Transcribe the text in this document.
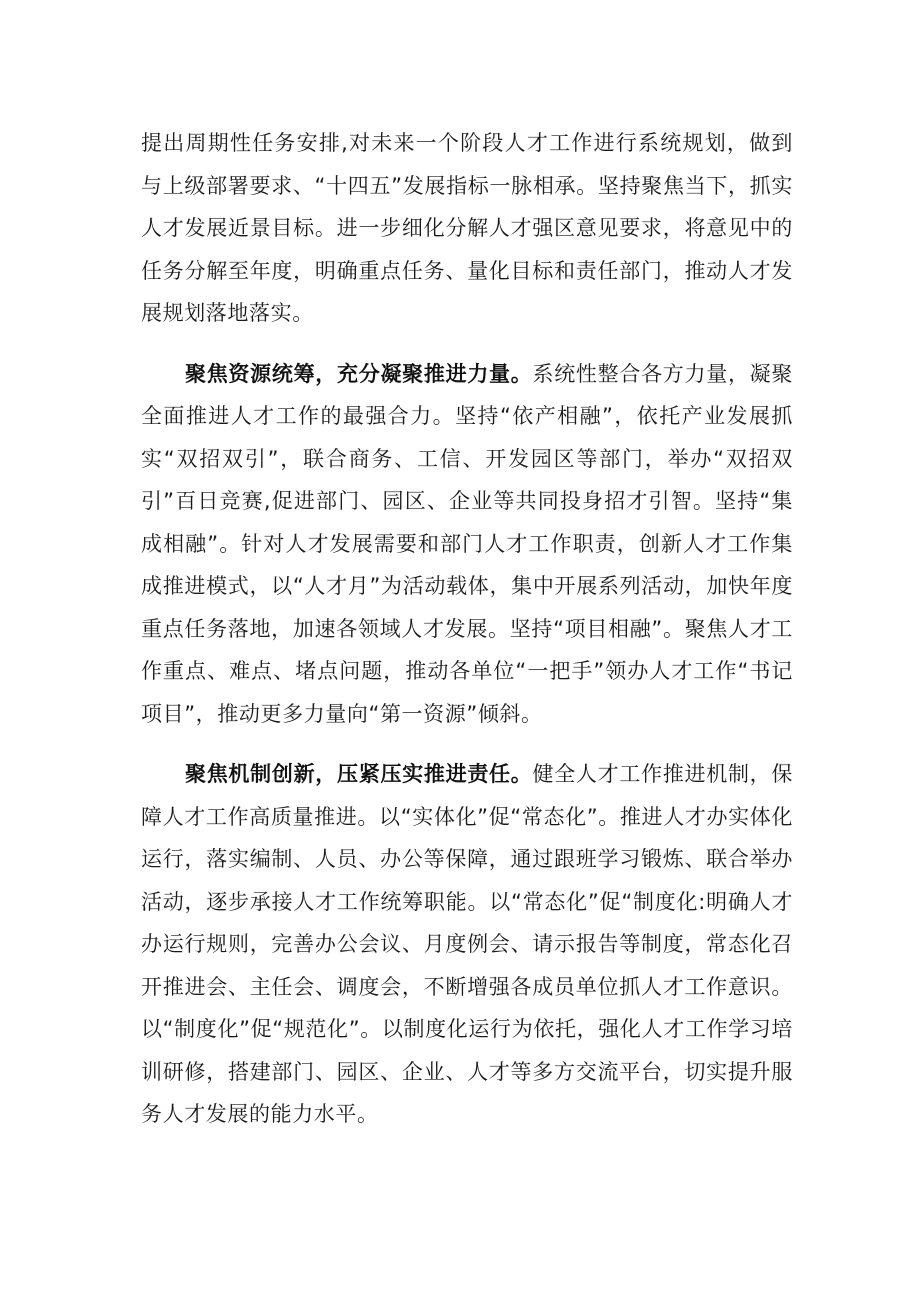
提出周期性任务安排,对未来一个阶段人才工作进行系统规划，做到与上级部署要求、“十四五”发展指标一脉相承。坚持聚焦当下，抓实人才发展近景目标。进一步细化分解人才强区意见要求，将意见中的任务分解至年度，明确重点任务、量化目标和责任部门，推动人才发展规划落地落实。

聚焦资源统筹，充分凝聚推进力量。系统性整合各方力量，凝聚全面推进人才工作的最强合力。坚持“依产相融”，依托产业发展抓实“双招双引”，联合商务、工信、开发园区等部门，举办“双招双引”百日竞赛,促进部门、园区、企业等共同投身招才引智。坚持“集成相融”。针对人才发展需要和部门人才工作职责，创新人才工作集成推进模式，以“人才月”为活动载体，集中开展系列活动，加快年度重点任务落地，加速各领域人才发展。坚持“项目相融”。聚焦人才工作重点、难点、堵点问题，推动各单位“一把手”领办人才工作“书记项目”，推动更多力量向“第一资源”倾斜。

聚焦机制创新，压紧压实推进责任。健全人才工作推进机制，保障人才工作高质量推进。以“实体化”促“常态化”。推进人才办实体化运行，落实编制、人员、办公等保障，通过跟班学习锻炼、联合举办活动，逐步承接人才工作统筹职能。以“常态化”促“制度化:明确人才办运行规则，完善办公会议、月度例会、请示报告等制度，常态化召开推进会、主任会、调度会，不断增强各成员单位抓人才工作意识。以“制度化”促“规范化”。以制度化运行为依托，强化人才工作学习培训研修，搭建部门、园区、企业、人才等多方交流平台，切实提升服务人才发展的能力水平。
